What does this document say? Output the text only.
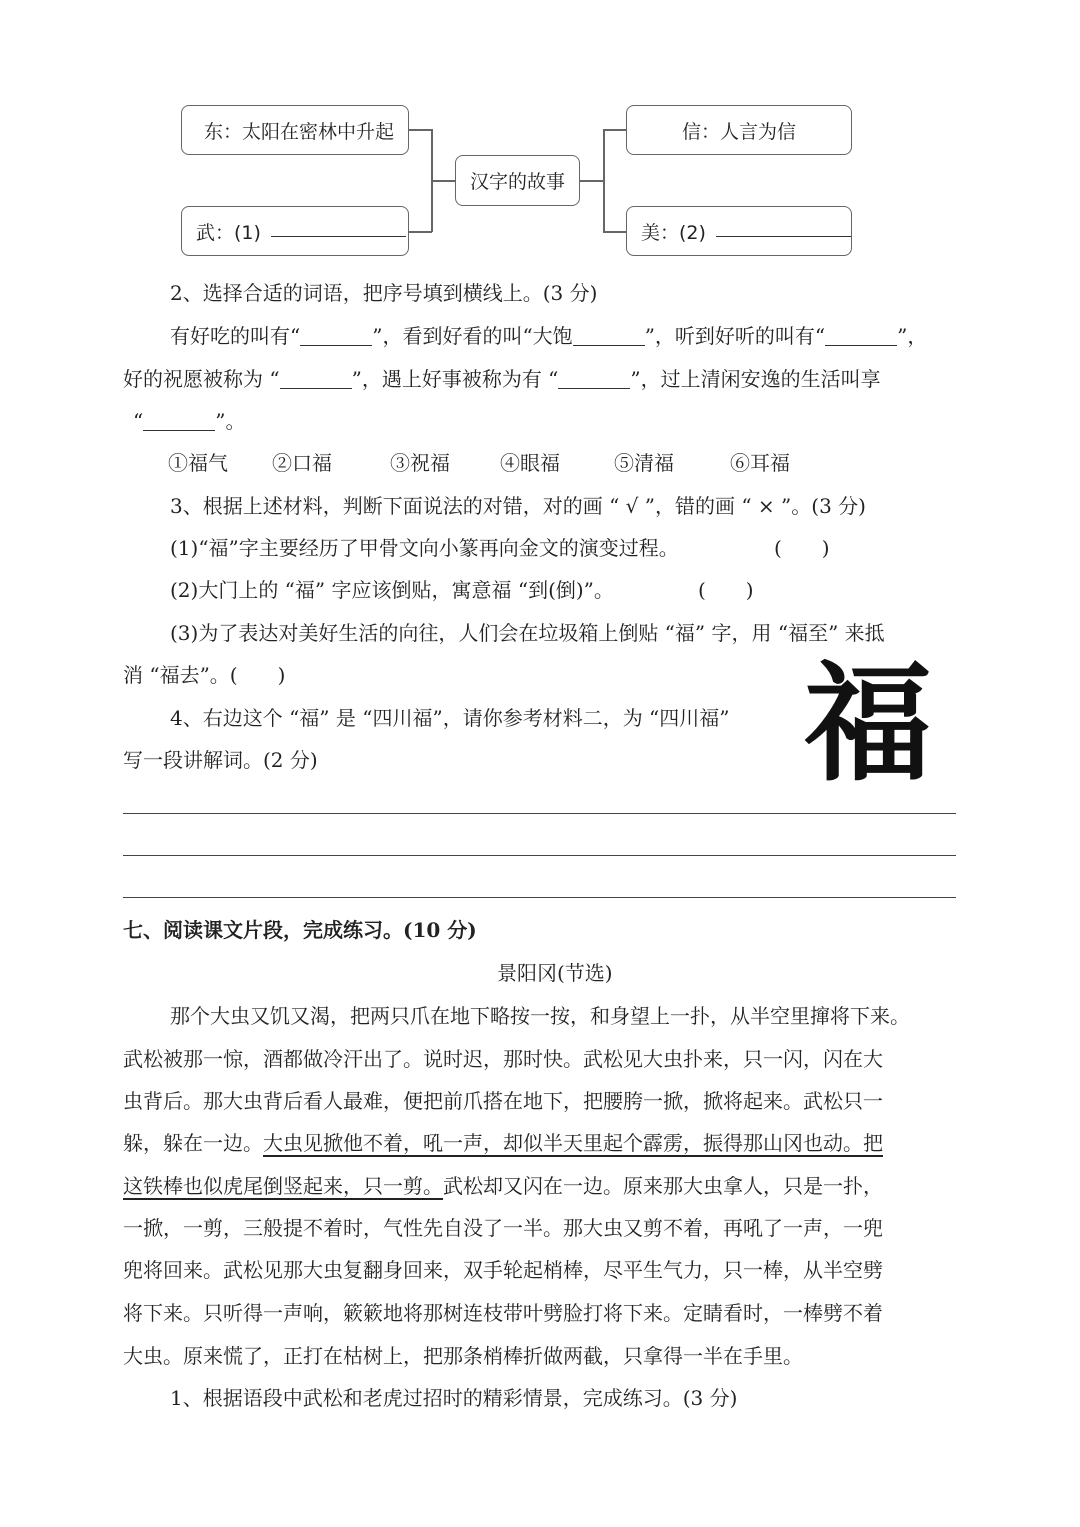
东：太阳在密林中升起
武：(1)
汉字的故事
信：人言为信
美：(2)
2、选择合适的词语，把序号填到横线上。(3 分)
有好吃的叫有“	”，看到好看的叫“大饱	”，听到好听的叫有“	”，
好的祝愿被称为 “	”，遇上好事被称为有 “	”，过上清闲安逸的生活叫享
“	”。
①福气 ②口福	③祝福	④眼福	⑤清福	⑥耳福
3、根据上述材料，判断下面说法的对错，对的画 “ √ ”，错的画 “ × ”。(3 分)
(1)“福”字主要经历了甲骨文向小篆再向金文的演变过程。	(　　)
(2)大门上的 “福” 字应该倒贴，寓意福 “到(倒)”。	(　　)
(3)为了表达对美好生活的向往，人们会在垃圾箱上倒贴 “福” 字，用 “福至” 来抵
消 “福去”。(　　)
4、右边这个 “福” 是 “四川福”，请你参考材料二，为 “四川福”
写一段讲解词。(2 分)	福
七、阅读课文片段，完成练习。(10 分)
景阳冈(节选)
那个大虫又饥又渴，把两只爪在地下略按一按，和身望上一扑，从半空里撺将下来。
武松被那一惊，酒都做冷汗出了。说时迟，那时快。武松见大虫扑来，只一闪，闪在大
虫背后。那大虫背后看人最难，便把前爪搭在地下，把腰胯一掀，掀将起来。武松只一
躲，躲在一边。大虫见掀他不着，吼一声，却似半天里起个霹雳，振得那山冈也动。把
这铁棒也似虎尾倒竖起来，只一剪。武松却又闪在一边。原来那大虫拿人，只是一扑，
一掀，一剪，三般提不着时，气性先自没了一半。那大虫又剪不着，再吼了一声，一兜
兜将回来。武松见那大虫复翻身回来，双手轮起梢棒，尽平生气力，只一棒，从半空劈
将下来。只听得一声响，簌簌地将那树连枝带叶劈脸打将下来。定睛看时，一棒劈不着
大虫。原来慌了，正打在枯树上，把那条梢棒折做两截，只拿得一半在手里。
1、根据语段中武松和老虎过招时的精彩情景，完成练习。(3 分)
